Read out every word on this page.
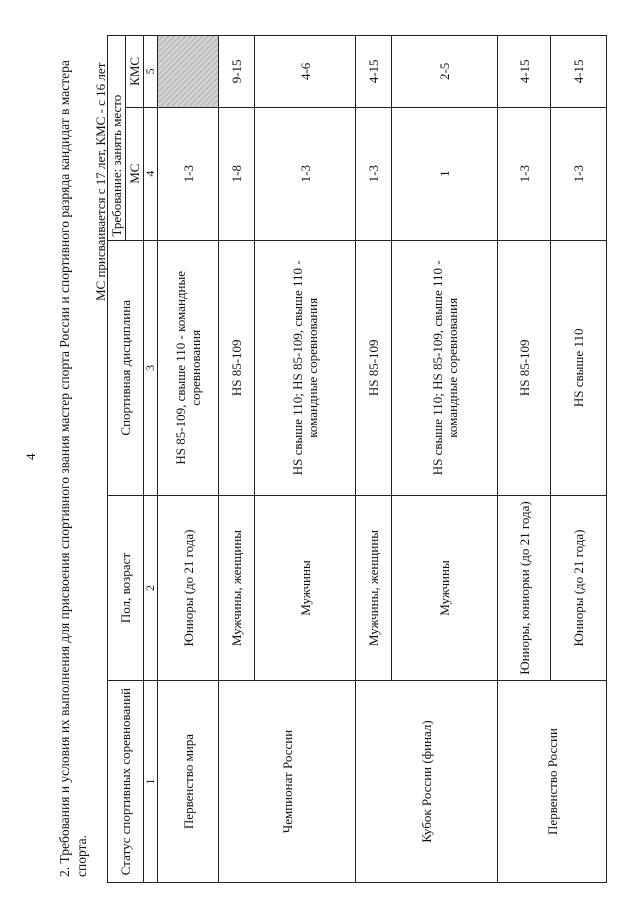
4 2. Требования и условия их выполнения для присвоения спортивного звания мастер спорта России и спортивного разряда кандидат в мастера спорта.
МС присваивается с 17 лет, КМС - с 16 лет
Статус спортивных соревнований	Пол, возраст	Спортивная дисциплина	Требование: занять место	
			МС	КМС
1	2	3	4	5
Первенство мира	Юниоры (до 21 года)	HS 85-109, свыше 110 - командные соревнования	1-3	
Чемпионат России	Мужчины, женщины	HS 85-109	1-8	9-15
	Мужчины	HS свыше 110; HS 85-109, свыше 110 - командные соревнования	1-3	4-6
Кубок России (финал)	Мужчины, женщины	HS 85-109	1-3	4-15
	Мужчины	HS свыше 110; HS 85-109, свыше 110 - командные соревнования	1	2-5
Первенство России	Юниоры, юниорки (до 21 года)	HS 85-109	1-3	4-15
	Юниоры (до 21 года)	HS свыше 110	1-3	4-15
